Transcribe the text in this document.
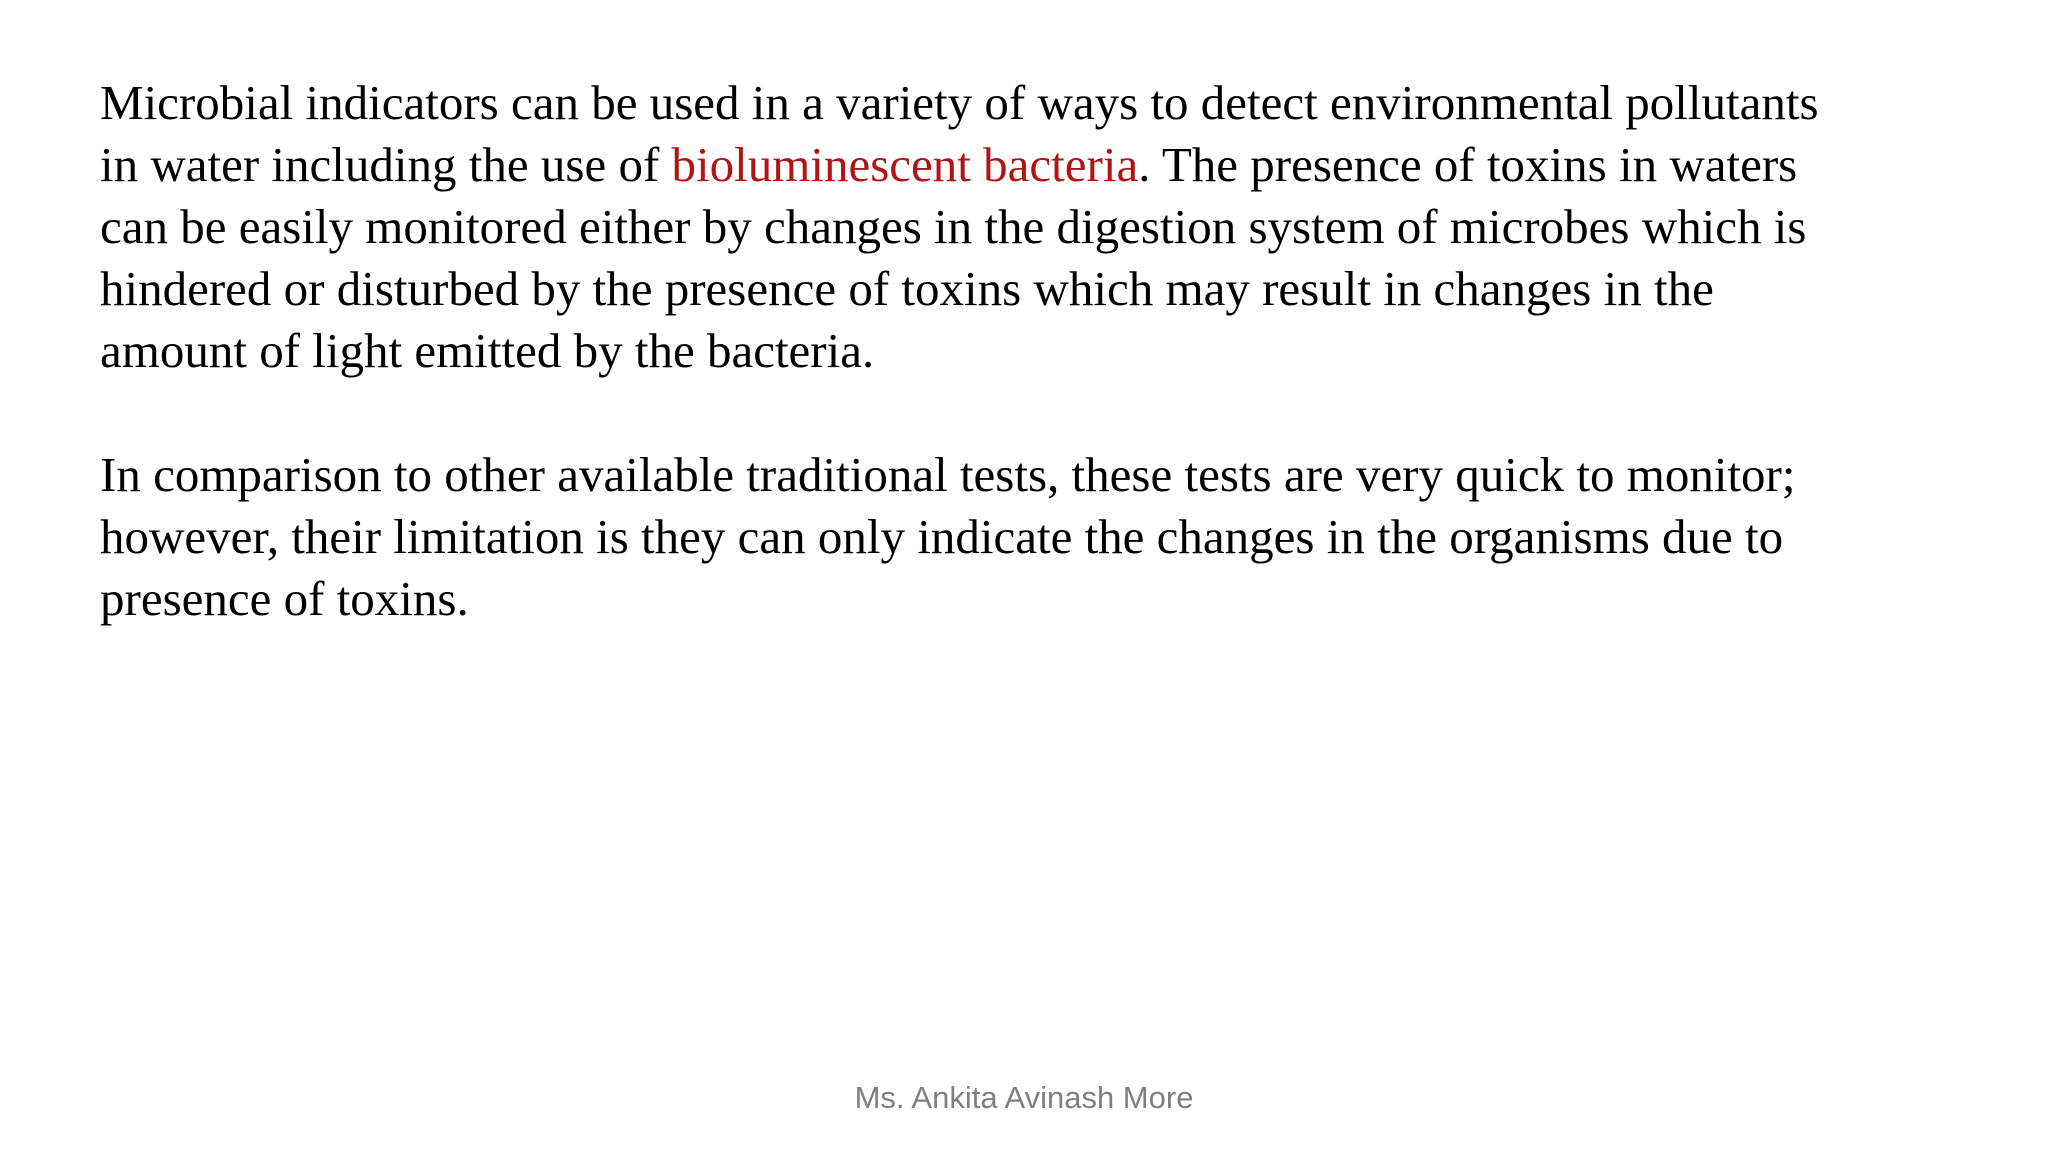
Microbial indicators can be used in a variety of ways to detect environmental pollutants
in water including the use of bioluminescent bacteria. The presence of toxins in waters
can be easily monitored either by changes in the digestion system of microbes which is
hindered or disturbed by the presence of toxins which may result in changes in the
amount of light emitted by the bacteria.

In comparison to other available traditional tests, these tests are very quick to monitor;
however, their limitation is they can only indicate the changes in the organisms due to
presence of toxins.

Ms. Ankita Avinash More
